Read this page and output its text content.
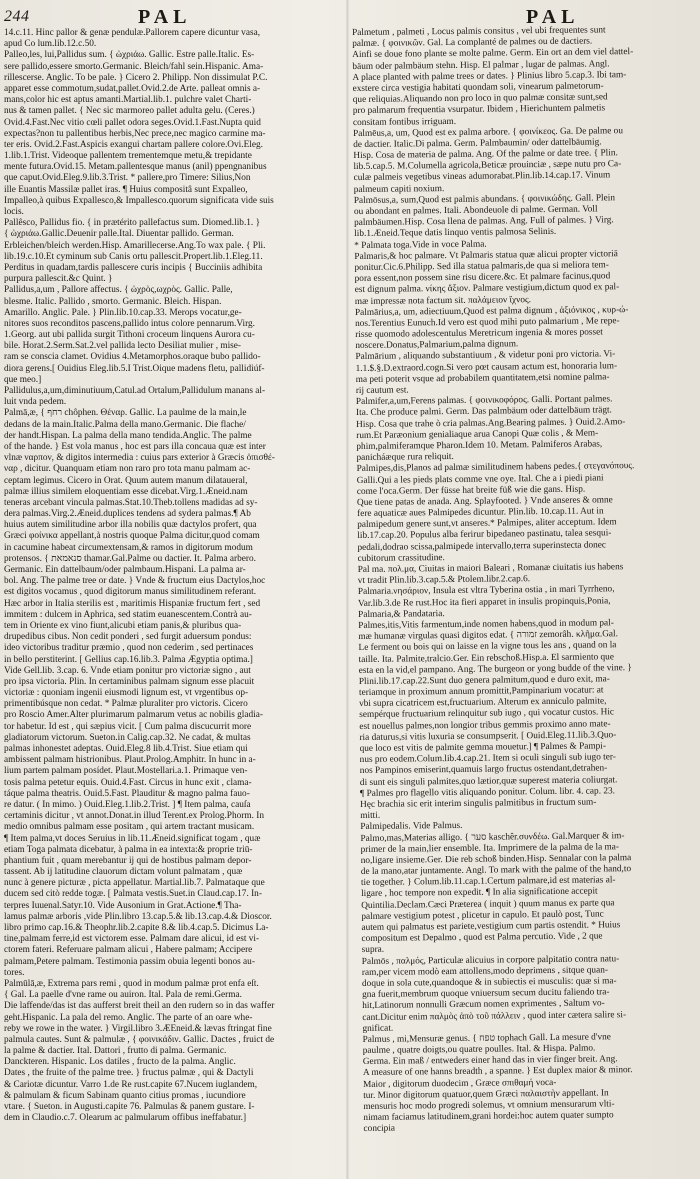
244	PAL	PAL
14.c.11. Hinc pallor & genæ pendulæ.Pallorem capere dicuntur vasa,
apud Co lum.lib.12.c.50.
Palleo,les, lui,Pallidus sum. { ὠχριάω. Gallic. Estre palle.Italic. Es-
sere pallido,essere smorto.Germanic. Bleich/fahl sein.Hispanic. Ama-
rillescerse. Anglic. To be pale. } Cicero 2. Philipp. Non dissimulat P.C.
apparet esse commotum,sudat,pallet.Ovid.2.de Arte. palleat omnis a-
mans,color hic est aptus amanti.Martial.lib.1. pulchre valet Charti-
nus & tamen pallet. { Nec sic marmoreo pallet adulta gelu. (Ceres.)
Ovid.4.Fast.Nec vitio cœli pallet odora seges.Ovid.1.Fast.Nupta quid
expectas?non tu pallentibus herbis,Nec prece,nec magico carmine ma-
ter eris. Ovid.2.Fast.Aspicis exangui chartam pallere colore.Ovi.Eleg.
1.lib.1.Trist. Videoque pallentem trementemque metu,& trepidante
mente futura.Ovid.15. Metam.pallentesque manus (anil) ppengnanibus
que caput.Ovid.Eleg.9.lib.3.Trist. * pallere,pro Timere: Silius,Non
ille Euantis Massilæ pallet iras. ¶ Huius compositâ sunt Expalleo,
Impalleo,à quibus Expallesco,& Impallesco.quorum significata vide suis
locis.
Pallêsco, Pallidus fio. { in prætérito pallefactus sum. Diomed.lib.1. }
{ ὠχριάω.Gallic.Deuenir palle.Ital. Diuentar pallido. German.
Erbleichen/bleich werden.Hisp. Amarillecerse.Ang.To wax pale. { Pli.
lib.19.c.10.Et cyminum sub Canis ortu pallescit.Propert.lib.1.Eleg.11.
Perditus in quadam,tardis pallescere curis incipis { Bucciniis adhibita
purpura pallescit.&c Quint. }
Pallidus,a,um , Pallore affectus. { ὠχρὸς,ωχρὸς. Gallic. Palle,
blesme. Italic. Pallido , smorto. Germanic. Bleich. Hispan.
Amarillo. Anglic. Pale. } Plin.lib.10.cap.33. Merops vocatur,ge-
nitores suos reconditos pascens,pallido intus colore pennarum.Virg.
1.Georg. aut ubi pallida surgit Tithoni croceum linquens Aurora cu-
bile. Horat.2.Serm.Sat.2.vel pallida lecto Desiliat mulier , mise-
ram se conscia clamet. Ovidius 4.Metamorphos.oraque bubo pallido-
diora gerens.[ Ouidius Eleg.lib.5.I Trist.Oique madens fletu, pallidiúf-
que meo.]
Pallidulus,a,um,diminutiuum,Catul.ad Ortalum,Pallidulum manans al-
luit vnda pedem.
Palmā,æ, { רחף chôphen. Θέναρ. Gallic. La paulme de la main,le
dedans de la main.Italic.Palma della mano.Germanic. Die flache/
der handt.Hispan. La palma della mano tendida.Anglic. The palme
of the hande. } Est vola manus , hoc est pars illa concaua quæ est inter
vlnæ ναρπον, & digitos intermedia : cuius pars exterior à Græcis ὀπισθέ-
ναρ , dicitur. Quanquam etiam non raro pro tota manu palmam ac-
ceptam legimus. Cicero in Orat. Quum autem manum dilataueral,
palmæ illius similem eloquentiam esse dicebat.Virg.1.Æneid.nam
teneras arcebant vincula palmas.Stat.10.Theb.tollens madidas ad sy-
dera palmas.Virg.2.Æneid.duplices tendens ad sydera palmas.¶ Ab
huius autem similitudine arbor illa nobilis quæ dactylos profert, qua
Græci φοίνικα appellant,à nostris quoque Palma dicitur,quod comam
in cacumine habeat circumextensam,& ramos in digitorum modum
protensos. { סנאמאת thamar.Gal.Palme ou dactier. It. Palma arbero.
Germanic. Ein dattelbaum/oder palmbaum.Hispani. La palma ar-
bol. Ang. The palme tree or date. } Vnde & fructum eius Dactylos,hoc
est digitos vocamus , quod digitorum manus similitudinem referant.
Hæc arbor in Italia sterilis est , maritimis Hispaniæ fructum fert , sed
immitem : dulcem in Aphrica, sed statim euanescentem.Contrà au-
tem in Oriente ex vino fiunt,alicubi etiam panis,& pluribus qua-
drupedibus cibus. Non cedit ponderi , sed furgit aduersum pondus:
ideo victoribus traditur præmio , quod non cederim , sed pertinaces
in bello perstiterint. [ Gellius cap.16.lib.3. Palma Ægyptia optima.]
Vide Gell.lib. 3.cap. 6. Vnde etiam ponitur pro victoriæ signo , aut
pro ipsa victoria. Plin. In certaminibus palmam signum esse placuit
victoriæ : quoniam ingenii eiusmodi lignum est, vt vrgentibus op-
primentibúsque non cedat. * Palmæ pluraliter pro victoris. Cicero
pro Roscio Amer.Alter plurimarum palmarum vetus ac nobilis gladia-
tor habetur. Id est , qui sæpius vicit. [ Cum palma discucurrit more
gladiatorum victorum. Sueton.in Calig.cap.32. Ne cadat, & multas
palmas inhonestet adeptas. Ouid.Eleg.8 lib.4.Trist. Siue etiam qui
ambissent palmam histrionibus. Plaut.Prolog.Amphitr. In hunc in a-
lium partem palmam posídet. Plaut.Mostellari.a.1. Primaque ven-
tosis palma petetur equis. Ouid.4.Fast. Circus in hunc exit , clama-
táque palma theatris. Ouid.5.Fast. Plauditur & magno palma fauo-
re datur. ( In mimo. ) Ouid.Eleg.1.lib.2.Trist. ] ¶ Item palma, cauſa
certaminis dicitur , vt annot.Donat.in illud Terent.ex Prolog.Phorm. In
medio omnibus palmam esse positam , qui artem tractant musicam.
¶ Item palma,vt doces Seruius in lib.11.Æneid.significat togam , quæ
etiam Toga palmata dicebatur, à palma in ea intexta:& proprie triū-
phantium fuit , quam merebantur ij qui de hostibus palmam depor-
tassent. Ab ij latitudine clauorum dictam volunt palmatam , quæ
nunc à genere picturæ , picta appellatur. Martial.lib.7. Palmataque que
ducem sed citò redde togæ. [ Palmata vestis.Suet.in Claud.cap.17. In-
terpres Iuuenal.Satyr.10. Vide Ausonium in Grat.Actione.¶ Tha-
lamus palmæ arboris ,vide Plin.libro 13.cap.5.& lib.13.cap.4.& Dioscor.
libro primo cap.16.& Theophr.lib.2.capite 8.& lib.4.cap.5. Dicimus La-
tine,palmam ferre,id est victorem esse. Palmam dare alicui, id est vi-
ctorem fateri. Referuare palmam alicui , Habere palmam; Accipere
palmam,Petere palmam. Testimonia passim obuia legenti bonos au-
tores.
Palmūlā,æ, Extrema pars remi , quod in modum palmæ prot enfa eſt.
{ Gal. La paelle d'vne rame ou auiron. Ital. Pala de remi.Germa.
Die laffende/das ist das aufferst breit theil an den rudern so in das waffer
geht.Hispanic. La pala del remo. Anglic. The parte of an oare whe-
reby we rowe in the water. } Virgil.libro 3.ÆEneid.& lævas ftringat fine
palmula cautes. Sunt & palmulæ , { φοινικάδιν. Gallic. Dactes , fruict de
la palme & dactier. Ital. Dattori , frutto di palma. Germanic.
Danckteren. Hispanic. Los datiles , fructo de la palma. Anglic.
Dates , the fruite of the palme tree. } fructus palmæ , qui & Dactyli
& Cariotæ dicuntur. Varro 1.de Re rust.capite 67.Nucem iuglandem,
& palmulam & ficum Sabinam quanto citius promas , iucundiore
vtare. { Sueton. in Augusti.capite 76. Palmulas & panem gustare. I-
dem in Claudio.c.7. Olearum ac palmularum offibus ineffabatur.]
Palmetum , palmeti , Locus palmis consitus , vel ubi frequentes sunt
palmæ. { φοινικῶν. Gal. La complanté de palmes ou de dactiers.
Ainfi se doue fono plante se molte palme. Germ. Ein ort an dem viel dattel-
bäum oder palmbäum stehn. Hisp. El palmar , lugar de palmas. Angl.
A place planted with palme trees or dates. } Plinius libro 5.cap.3. Ibi tam-
exstere circa vestigia habitati quondam soli, vinearum palmetorum-
que reliquias.Aliquando non pro loco in quo palmæ consitæ sunt,sed
pro palmarum frequentia vsurpatur. Ibidem , Hierichuntem palmetis
consitam fontibus irriguam.
Palmēus,a, um, Quod est ex palma arbore. { φοινίκεος. Ga. De palme ou
de dactier. Italic.Di palma. Germ. Palmbaumin/ oder dattelbäumig.
Hisp. Cosa de materia de palma. Ang. Of the palme or date tree. { Plin.
lib.5.cap.5. M.Columella agricola,Beticæ prouinciæ , sæpe nutu pro Ca-
culæ palmeis vegetibus vineas adumorabat.Plin.lib.14.cap.17. Vinum
palmeum capiti noxium.
Palmōsus,a, sum,Quod est palmis abundans. { φοινικώδης. Gall. Plein
ou abondant en palmes. Itali. Abondeuole di palme. German. Voll
palmbäumen.Hisp. Cosa llena de palmas. Ang. Full of palmes. } Virg.
lib.1.Æneid.Teque datis linquo ventis palmosa Selinis.
* Palmata toga.Vide in voce Palma.
Palmaris,& hoc palmare. Vt Palmaris statua quæ alicui propter victoriā
ponitur.Cic.6.Philipp. Sed illa statua palmaris,de qua si meliora tem-
pora essent,non possem sine risu dicere.&c. Et palmare facinus,quod
est dignum palma. νίκης ἄξιον. Palmare vestigium,dictum quod ex pal-
mæ impressæ nota factum sit. παλάμειον ἴχνος.
Palmārius,a, um, adiectiuum,Quod est palma dignum , ἀξιόνικος , κυρ-ώ-
nos.Terentius Eunuch.Id vero est quod mihi puto palmarium , Me repe-
risse quomodo adolescentulus Meretricum ingenia & mores posset
noscere.Donatus,Palmarium,palma dignum.
Palmārium , aliquando substantiuum , & videtur poni pro victoria. Vi-
1.1.$.§.D.extraord.cogn.Si vero pœt causam actum est, honoraria lum-
ma peti poterit vsque ad probabilem quantitatem,etsi nomine palma-
rij cautum est.
Palmifer,a,um,Ferens palmas. { φοινικοφόρος. Galli. Portant palmes.
Ita. Che produce palmi. Germ. Das palmbäum oder dattelbäum trägt.
Hisp. Cosa que trahe ò cria palmas.Ang.Bearing palmes. } Ouid.2.Amo-
rum.Et Paræonium genialiaque arua Canopi Quæ colis , & Mem-
phim,palmiferamque Pharon.Idem 10. Metam. Palmiferos Arabas,
panicháæque rura reliquit.
Palmipes,dis,Planos ad palmæ similitudinem habens pedes.{ στεγανόπους.
Galli.Qui a les pieds plats comme vne oye. Ital. Che a i piedi piani
come l'oca.Germ. Der füsse hat breite füß wie die gans. Hisp.
Que tiene patas de anada. Ang. Splayfooted. } Vnde anseres & omne
fere aquaticæ aues Palmipedes dicuntur. Plin.lib. 10.cap.11. Aut in
palmipedum genere sunt,vt anseres.* Palmipes, aliter acceptum. Idem
lib.17.cap.20. Populus alba ferirur bipedaneo pastinatu, talea sesqui-
pedali,dodrao scissa,palmipede intervallo,terra superinstecta donec
cubitorum crassitudine.
Pal ma. πολ.μα, Ciuitas in maiori Baleari , Romanæ ciuitatis ius habens
vt tradit Plin.lib.3.cap.5.& Ptolem.libr.2.cap.6.
Palmaria.νησάριον, Insula est vltra Tyberina ostia , in mari Tyrrheno,
Var.lib.3.de Re rust.Hoc ita fieri apparet in insulis propinquis,Ponia,
Palmaria,& Pandataria.
Palmes,itis,Vitis farmentum,inde nomen habens,quod in modum pal-
mæ humanæ virgulas quasi digitos edat. { זמורה zemorâh. κλῆμα.Gal.
Le ferment ou bois qui on laisse en la vigne tous les ans , quand on la
taille. Ita. Palmite,tralcio.Ger. Ein rebschoß.Hisp.a. El sarmiento que
esta en la vid,el pampano. Ang. The burgeon or yong budde of the vine. }
Plini.lib.17.cap.22.Sunt duo genera palmitum,quod e duro exit, ma-
teriamque in proximum annum promittit,Pampinarium vocatur: at
vbi supra cicatricem est,fructuarium. Alterum ex anniculo palmite,
sempérque fructuarium relinquitur sub iugo , qui vocatur custos. Hic
est nouellus palmes,non longior tribus gemmis proximo anno mate-
ria daturus,si vitis luxuria se consumpserit. [ Ouid.Eleg.11.lib.3.Quo-
que loco est vitis de palmite gemma mouetur.] ¶ Palmes & Pampi-
nus pro eodem.Colum.lib.4.cap.21. Item si oculi singuli sub iugo ter-
nos Pampinos emiserint,quamuis largo fructus ostendant,detrahen-
di sunt eis singuli palmites,quo lætior,quæ superest materia coliurgat.
¶ Palmes pro flagello vitis aliquando ponitur. Colum. libr. 4. cap. 23.
Hęc brachia sic erit interim singulis palmitibus in fructum sum-
mitti.
Palmipedalis. Vide Palmus.
Palmo,mas,Materias alligo. { סער kaschêr.συνδέω. Gal.Marquer & im-
primer de la main,lier ensemble. Ita. Imprimere de la palma de la ma-
no,ligare insieme.Ger. Die reb schoß binden.Hisp. Sennalar con la palma
de la mano,atar juntamente. Angl. To mark with the palme of the hand,to
tie together. } Colum.lib.11.cap.1.Certum palmare,id est materias al-
ligare , hoc tempore non expedit. ¶ In alia significatione accepit
Quintilia.Declam.Cæci Præterea ( inquit ) quum manus ex parte qua
palmare vestigium potest , plicetur in capulo. Et paulò post, Tunc
autem qui palmatus est pariete,vestigium cum partis ostendit. * Huius
compositum est Depalmo , quod est Palma percutio. Vide , 2 que
supra.
Palmōs , παλμός, Particulæ alicuius in corpore palpitatio contra natu-
ram,per vicem modò eam attollens,modo deprimens , sitque quan-
doque in sola cute,quandoque & in subiectis ei musculis: quæ si ma-
gna fuerit,membrum quoque vniuersum secum ducitu faliendo tra-
hit,Latinorum nonnulli Græcum nomen exprimentes , Saltum vo-
cant.Dicitur enim παλμὸς ἀπὸ τοῦ πάλλειν , quod inter cætera salire si-
gnificat.
Palmus , mi,Mensuræ genus. { טפח tophach Gall. La mesure d'vne
paulme , quatre doigts,ou quatre poulles. Ital. & Hispa. Palmo.
Germa. Ein maß / entweders einer hand das in vier finger breit. Ang.
A measure of one hanns breadth , a spanne. } Est duplex maior & minor.
Maior , digitorum duodecim , Græce σπιθαμή voca-
tur. Minor digitorum quatuor,quem Græci παλαιστὴν appellant. In
mensuris hoc modo progredi solemus, vt omnium mensurarum vlti-
nimam faciamus latitudinem,grani hordei:hoc autem quater sumpto
concipia
